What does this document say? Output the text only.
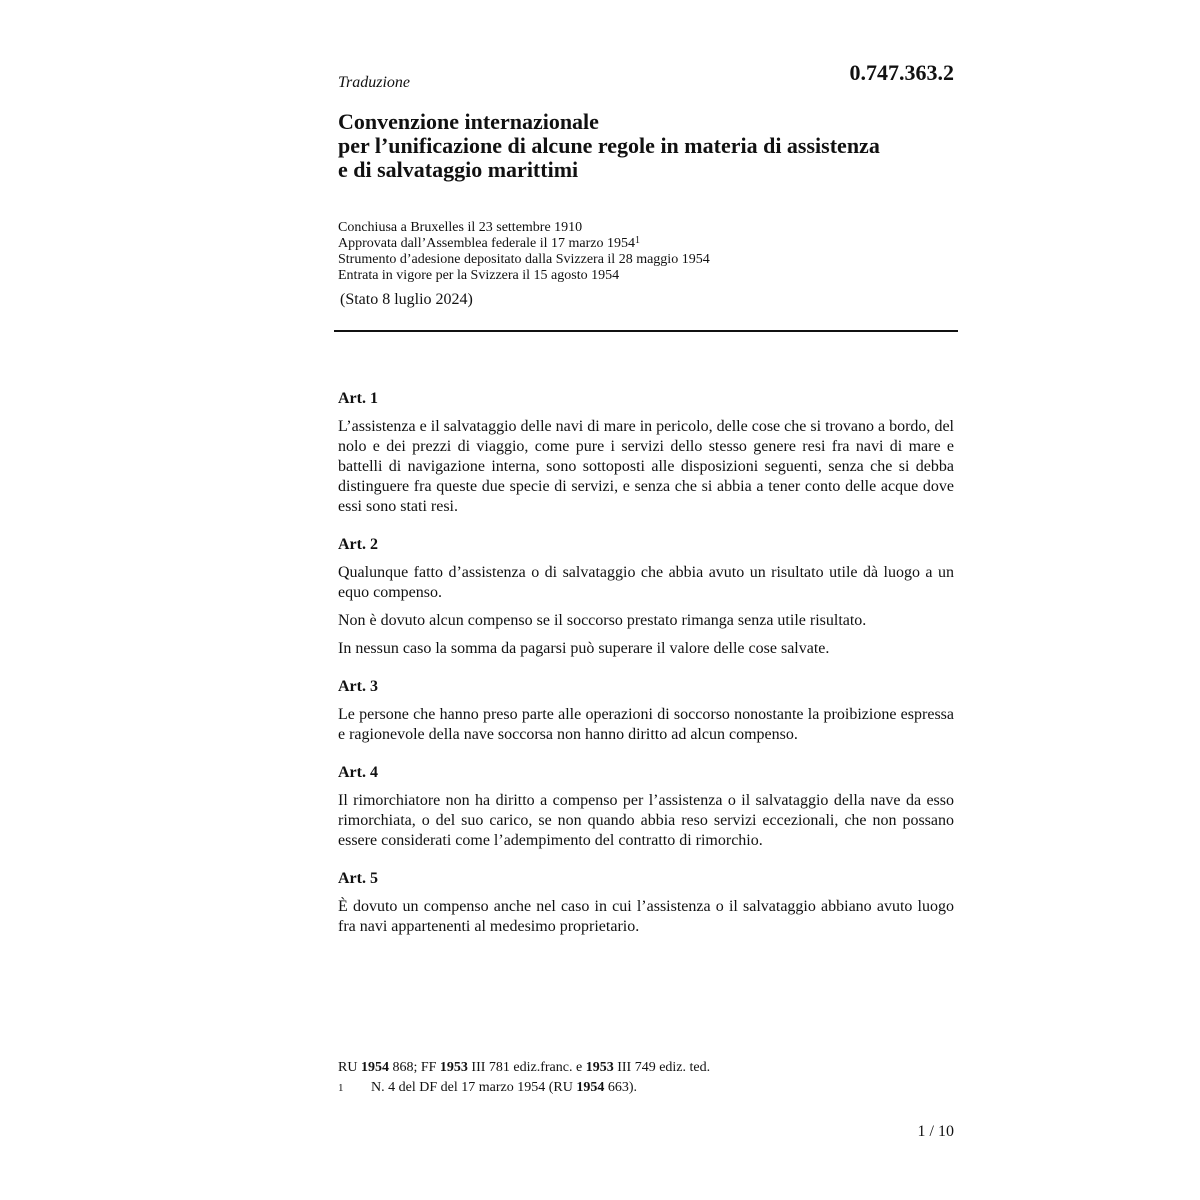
0.747.363.2

Traduzione

Convenzione internazionale
per l’unificazione di alcune regole in materia di assistenza
e di salvataggio marittimi
Conchiusa a Bruxelles il 23 settembre 1910
Approvata dall’Assemblea federale il 17 marzo 1954$^1$
Strumento d’adesione depositato dalla Svizzera il 28 maggio 1954
Entrata in vigore per la Svizzera il 15 agosto 1954

(Stato 8 luglio 2024)

Art. 1

L’assistenza e il salvataggio delle navi di mare in pericolo, delle cose che si trovano a bordo, del nolo e dei prezzi di viaggio, come pure i servizi dello stesso genere resi fra navi di mare e battelli di navigazione interna, sono sottoposti alle disposizioni seguenti, senza che si debba distinguere fra queste due specie di servizi, e senza che si abbia a tener conto delle acque dove essi sono stati resi.

Art. 2

Qualunque fatto d’assistenza o di salvataggio che abbia avuto un risultato utile dà luogo a un equo compenso.

Non è dovuto alcun compenso se il soccorso prestato rimanga senza utile risultato.

In nessun caso la somma da pagarsi può superare il valore delle cose salvate.

Art. 3

Le persone che hanno preso parte alle operazioni di soccorso nonostante la proibizione espressa e ragionevole della nave soccorsa non hanno diritto ad alcun compenso.

Art. 4

Il rimorchiatore non ha diritto a compenso per l’assistenza o il salvataggio della nave da esso rimorchiata, o del suo carico, se non quando abbia reso servizi eccezionali, che non possano essere considerati come l’adempimento del contratto di rimorchio.

Art. 5

È dovuto un compenso anche nel caso in cui l’assistenza o il salvataggio abbiano avuto luogo fra navi appartenenti al medesimo proprietario.

RU 1954 868; FF 1953 III 781 ediz.franc. e 1953 III 749 ediz. ted.
1 N. 4 del DF del 17 marzo 1954 (RU 1954 663).
1 / 10
